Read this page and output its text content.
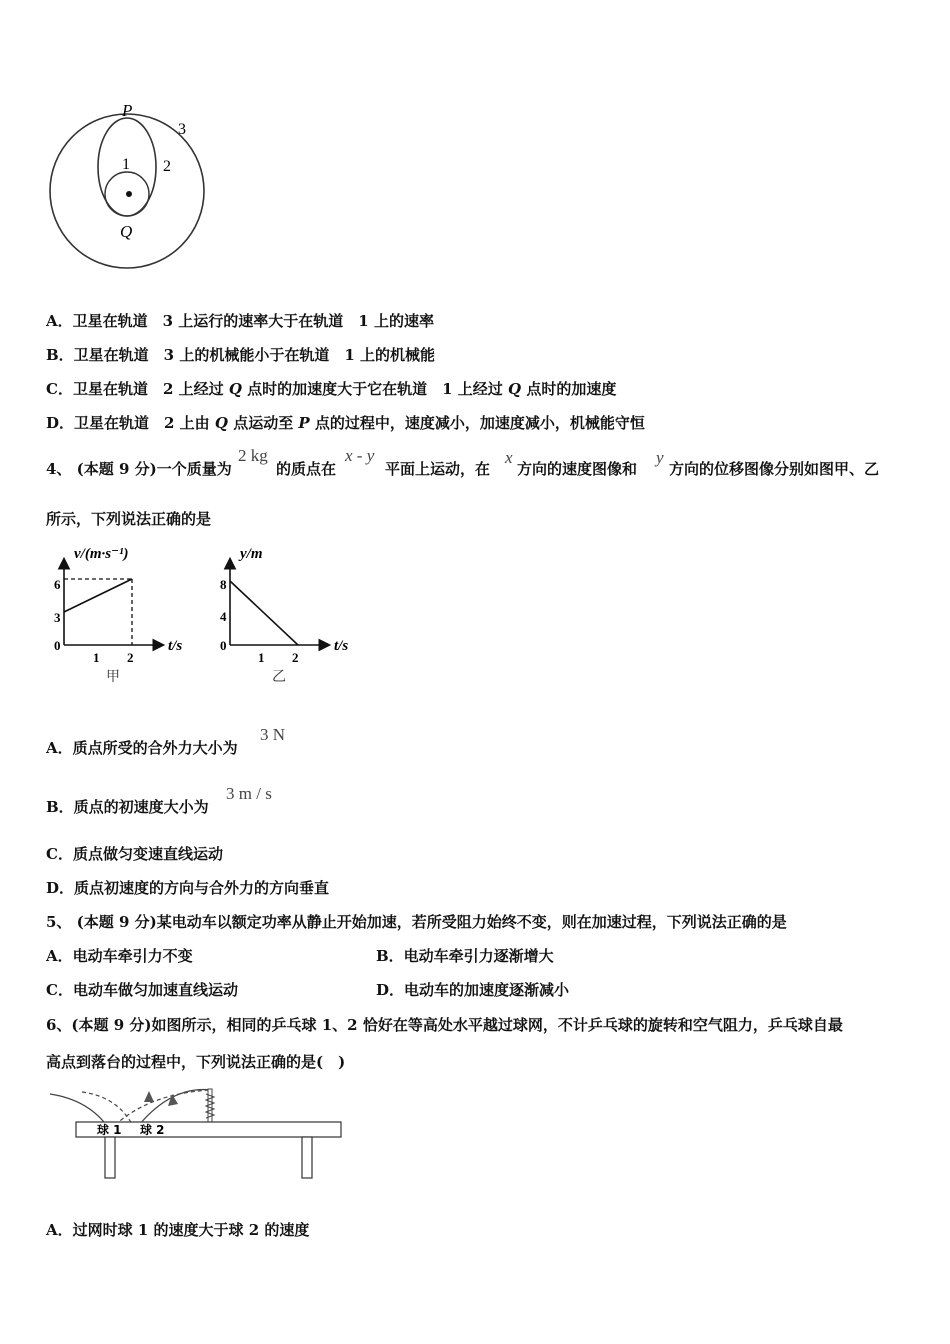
P
Q
1 2
3
A．卫星在轨道　3 上运行的速率大于在轨道　1 上的速率
B．卫星在轨道　3 上的机械能小于在轨道　1 上的机械能
C．卫星在轨道　2 上经过 Q 点时的加速度大于它在轨道　1 上经过 Q 点时的加速度
D．卫星在轨道　2 上由 Q 点运动至 P 点的过程中，速度减小，加速度减小，机械能守恒
4、 (本题 9 分)一个质量为
2 kg
的质点在
x - y
平面上运动，在
x
方向的速度图像和
y
方向的位移图像分别如图甲、乙
所示，下列说法正确的是
v/(m·s⁻¹)
t/s
0
3
6
1 2
甲
y/m
t/s
0
4
8
1 2
乙
A．质点所受的合外力大小为
3 N
B．质点的初速度大小为
3 m / s
C．质点做匀变速直线运动
D．质点初速度的方向与合外力的方向垂直
5、 (本题 9 分)某电动车以额定功率从静止开始加速，若所受阻力始终不变，则在加速过程，下列说法正确的是
A．电动车牵引力不变	B．电动车牵引力逐渐增大
C．电动车做匀加速直线运动	D．电动车的加速度逐渐减小
6、(本题 9 分)如图所示，相同的乒乓球 1、2 恰好在等高处水平越过球网，不计乒乓球的旋转和空气阻力，乒乓球自最
高点到落台的过程中，下列说法正确的是(　)
球 1 球 2
A．过网时球 1 的速度大于球 2 的速度
